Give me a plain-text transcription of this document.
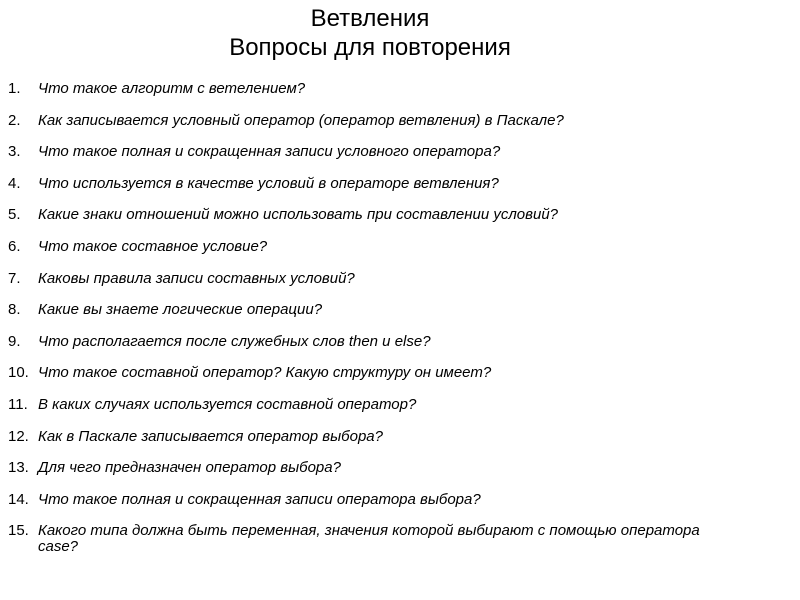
Ветвления
Вопросы для повторения
1.	Что такое алгоритм с ветелением?
2.	Как записывается условный оператор (оператор ветвления) в Паскале?
3.	Что такое полная и сокращенная записи условного оператора?
4.	Что используется в качестве условий в операторе ветвления?
5.	Какие знаки отношений можно использовать при составлении условий?
6.	Что такое составное условие?
7.	Каковы правила записи составных условий?
8.	Какие вы знаете логические операции?
9.	Что располагается после служебных слов then и else?
10. Что такое составной оператор? Какую структуру он имеет?
11. В каких случаях используется составной оператор?
12. Как в Паскале записывается оператор выбора?
13. Для чего предназначен оператор выбора?
14. Что такое полная и сокращенная записи оператора выбора?
15. Какого типа должна быть переменная, значения которой выбирают с помощью оператора case?
